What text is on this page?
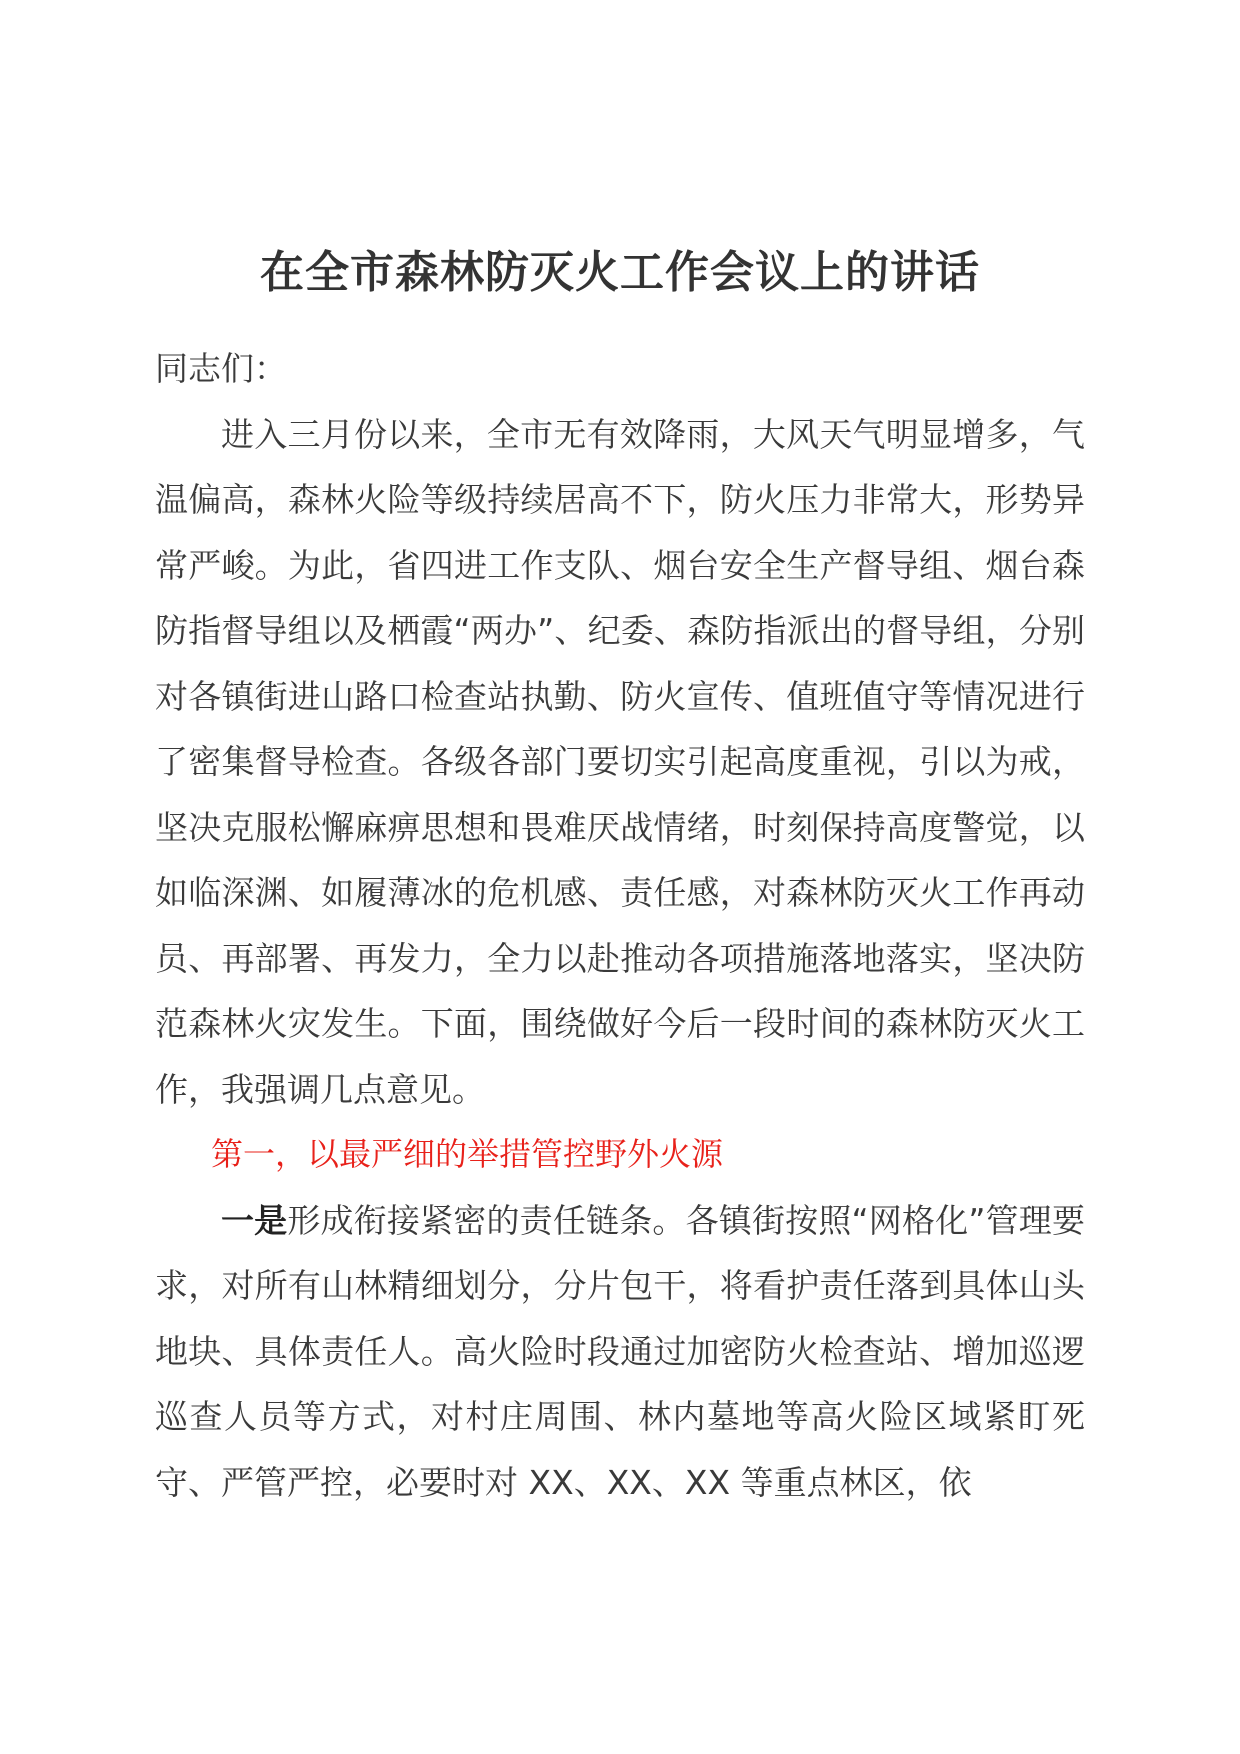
在全市森林防灭火工作会议上的讲话

同志们：

进入三月份以来，全市无有效降雨，大风天气明显增多，气温偏高，森林火险等级持续居高不下，防火压力非常大，形势异常严峻。为此，省四进工作支队、烟台安全生产督导组、烟台森防指督导组以及栖霞“两办”、纪委、森防指派出的督导组，分别对各镇街进山路口检查站执勤、防火宣传、值班值守等情况进行了密集督导检查。各级各部门要切实引起高度重视，引以为戒，坚决克服松懈麻痹思想和畏难厌战情绪，时刻保持高度警觉，以如临深渊、如履薄冰的危机感、责任感，对森林防灭火工作再动员、再部署、再发力，全力以赴推动各项措施落地落实，坚决防范森林火灾发生。下面，围绕做好今后一段时间的森林防灭火工作，我强调几点意见。

第一，以最严细的举措管控野外火源

一是形成衔接紧密的责任链条。各镇街按照“网格化”管理要求，对所有山林精细划分，分片包干，将看护责任落到具体山头地块、具体责任人。高火险时段通过加密防火检查站、增加巡逻巡查人员等方式，对村庄周围、林内墓地等高火险区域紧盯死守、严管严控，必要时对 XX、XX、XX 等重点林区，依
